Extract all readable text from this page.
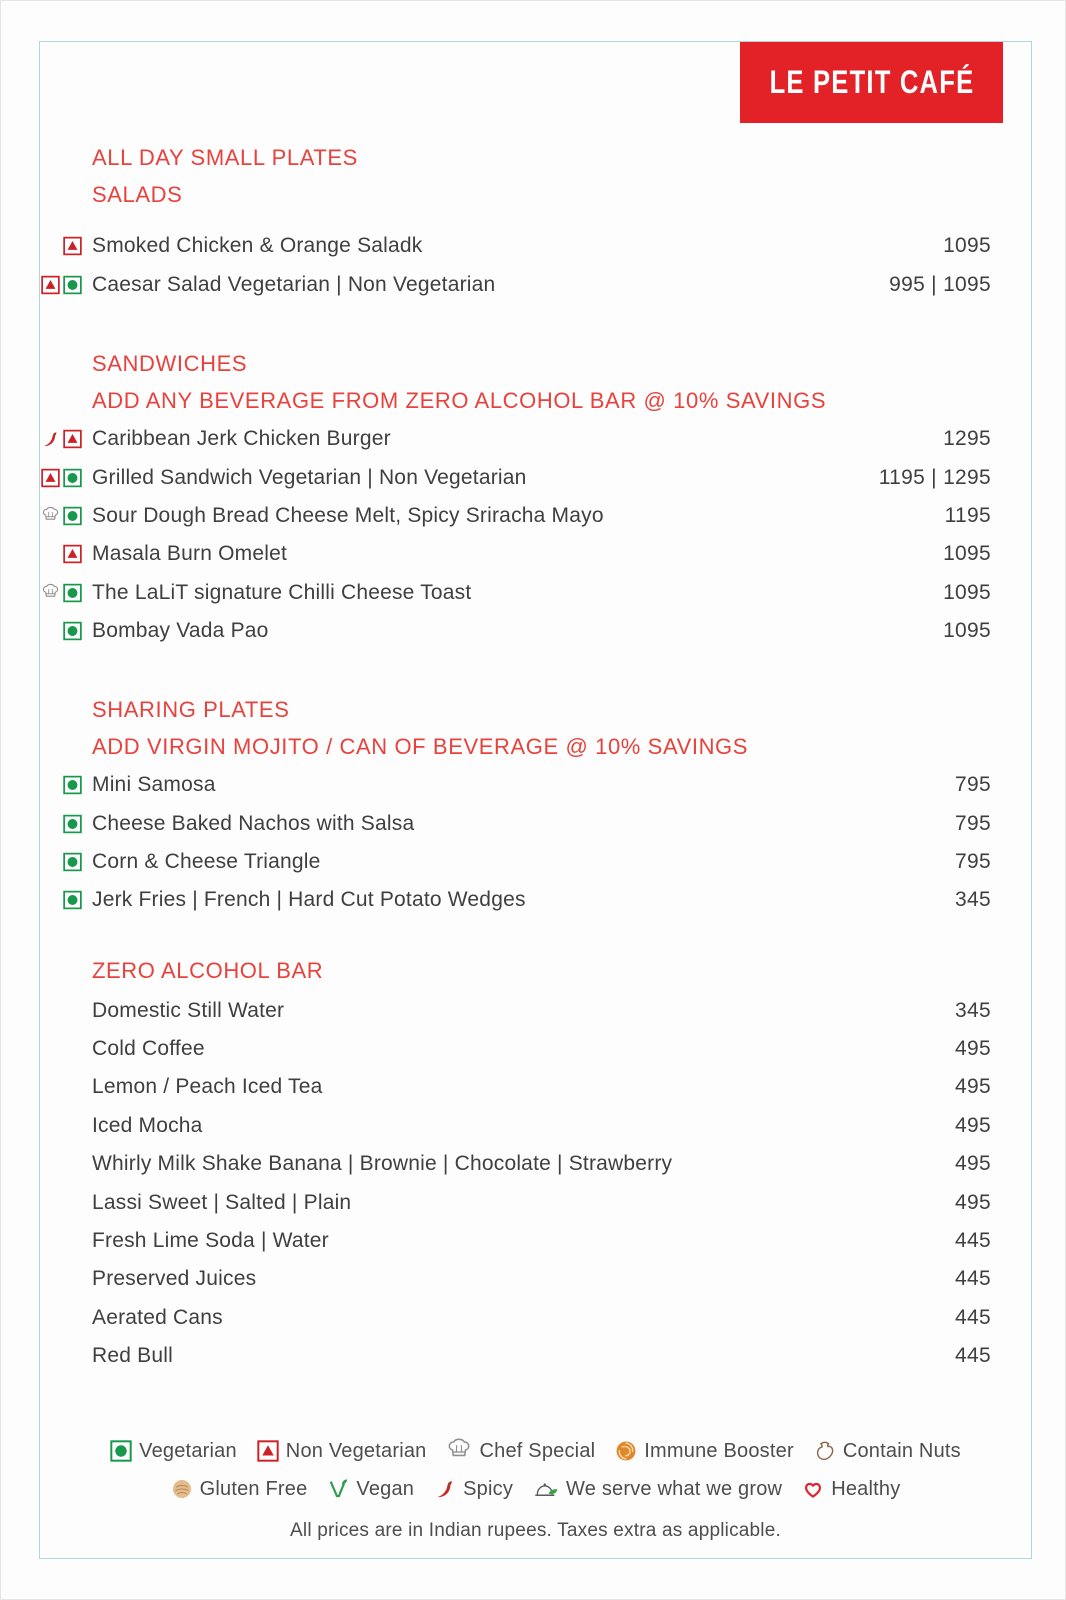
LE PETIT CAFÉ
ALL DAY SMALL PLATES
SALADS
Smoked Chicken & Orange Saladk	1095
Caesar Salad Vegetarian | Non Vegetarian	995 | 1095
SANDWICHES
ADD ANY BEVERAGE FROM ZERO ALCOHOL BAR @ 10% SAVINGS
Caribbean Jerk Chicken Burger	1295
Grilled Sandwich Vegetarian | Non Vegetarian	1195 | 1295
Sour Dough Bread Cheese Melt, Spicy Sriracha Mayo	1195
Masala Burn Omelet	1095
The LaLiT signature Chilli Cheese Toast	1095
Bombay Vada Pao	1095
SHARING PLATES
ADD VIRGIN MOJITO / CAN OF BEVERAGE @ 10% SAVINGS
Mini Samosa	795
Cheese Baked Nachos with Salsa	795
Corn & Cheese Triangle	795
Jerk Fries | French | Hard Cut Potato Wedges	345
ZERO ALCOHOL BAR
Domestic Still Water	345
Cold Coffee	495
Lemon / Peach Iced Tea	495
Iced Mocha	495
Whirly Milk Shake Banana | Brownie | Chocolate | Strawberry	495
Lassi Sweet | Salted | Plain	495
Fresh Lime Soda | Water	445
Preserved Juices	445
Aerated Cans	445
Red Bull	445
Vegetarian Non Vegetarian	Chef Special Immune Booster Contain Nuts
Gluten Free Vegan Spicy	We serve what we grow Healthy
All prices are in Indian rupees. Taxes extra as applicable.
